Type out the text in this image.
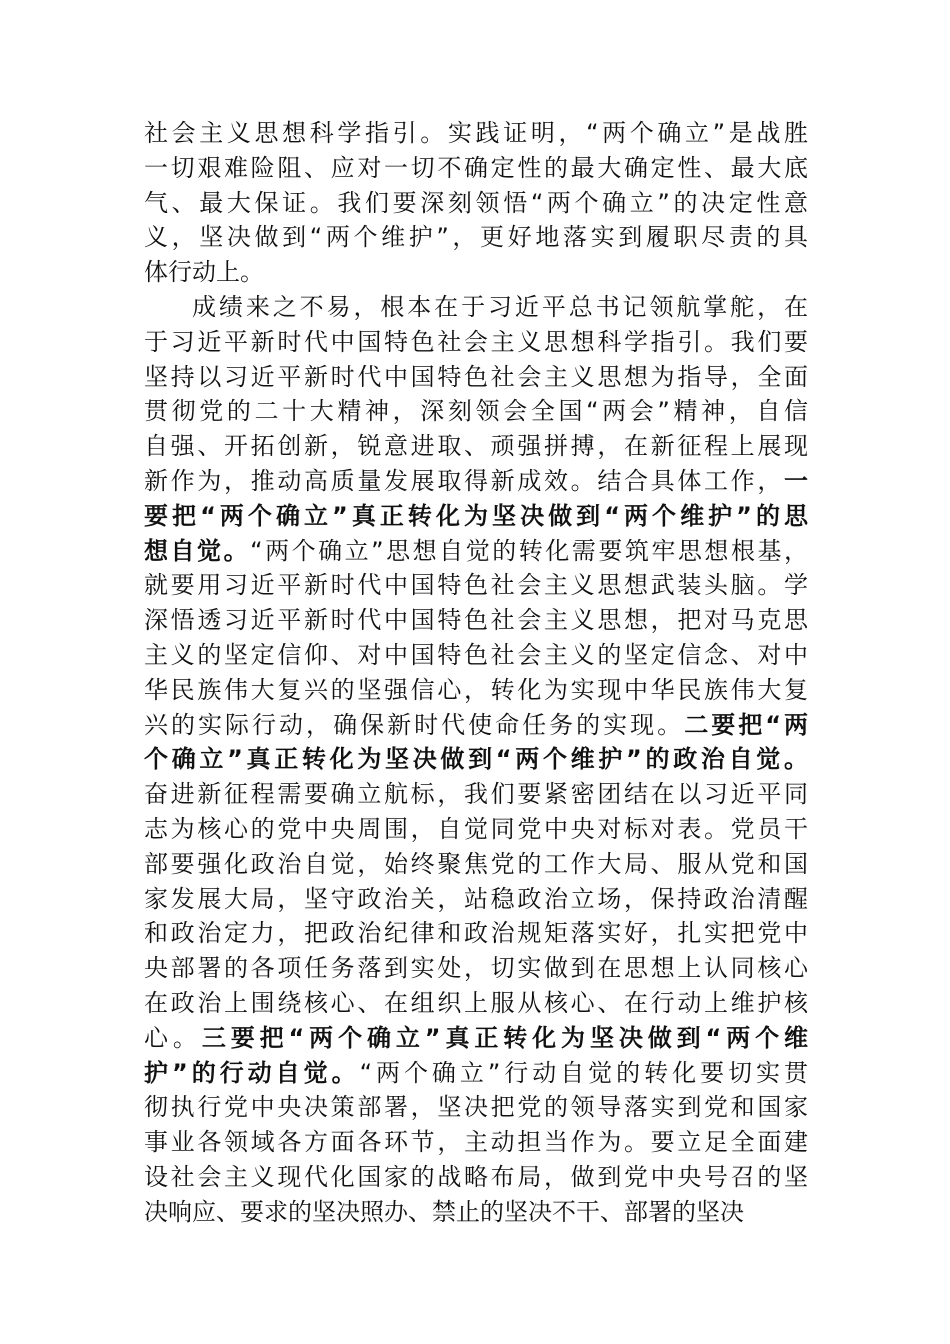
社会主义思想科学指引。实践证明，“两个确立”是战胜
一切艰难险阻、应对一切不确定性的最大确定性、最大底
气、最大保证。我们要深刻领悟“两个确立”的决定性意
义，坚决做到“两个维护”，更好地落实到履职尽责的具
体行动上。
成绩来之不易，根本在于习近平总书记领航掌舵，在
于习近平新时代中国特色社会主义思想科学指引。我们要
坚持以习近平新时代中国特色社会主义思想为指导，全面
贯彻党的二十大精神，深刻领会全国“两会”精神，自信
自强、开拓创新，锐意进取、顽强拼搏，在新征程上展现
新作为，推动高质量发展取得新成效。结合具体工作，一
要把“两个确立”真正转化为坚决做到“两个维护”的思
想自觉。“两个确立”思想自觉的转化需要筑牢思想根基，
就要用习近平新时代中国特色社会主义思想武装头脑。学
深悟透习近平新时代中国特色社会主义思想，把对马克思
主义的坚定信仰、对中国特色社会主义的坚定信念、对中
华民族伟大复兴的坚强信心，转化为实现中华民族伟大复
兴的实际行动，确保新时代使命任务的实现。二要把“两
个确立”真正转化为坚决做到“两个维护”的政治自觉。
奋进新征程需要确立航标，我们要紧密团结在以习近平同
志为核心的党中央周围，自觉同党中央对标对表。党员干
部要强化政治自觉，始终聚焦党的工作大局、服从党和国
家发展大局，坚守政治关，站稳政治立场，保持政治清醒
和政治定力，把政治纪律和政治规矩落实好，扎实把党中
央部署的各项任务落到实处，切实做到在思想上认同核心
在政治上围绕核心、在组织上服从核心、在行动上维护核
心。三要把“两个确立”真正转化为坚决做到“两个维
护”的行动自觉。“两个确立”行动自觉的转化要切实贯
彻执行党中央决策部署，坚决把党的领导落实到党和国家
事业各领域各方面各环节，主动担当作为。要立足全面建
设社会主义现代化国家的战略布局，做到党中央号召的坚
决响应、要求的坚决照办、禁止的坚决不干、部署的坚决
